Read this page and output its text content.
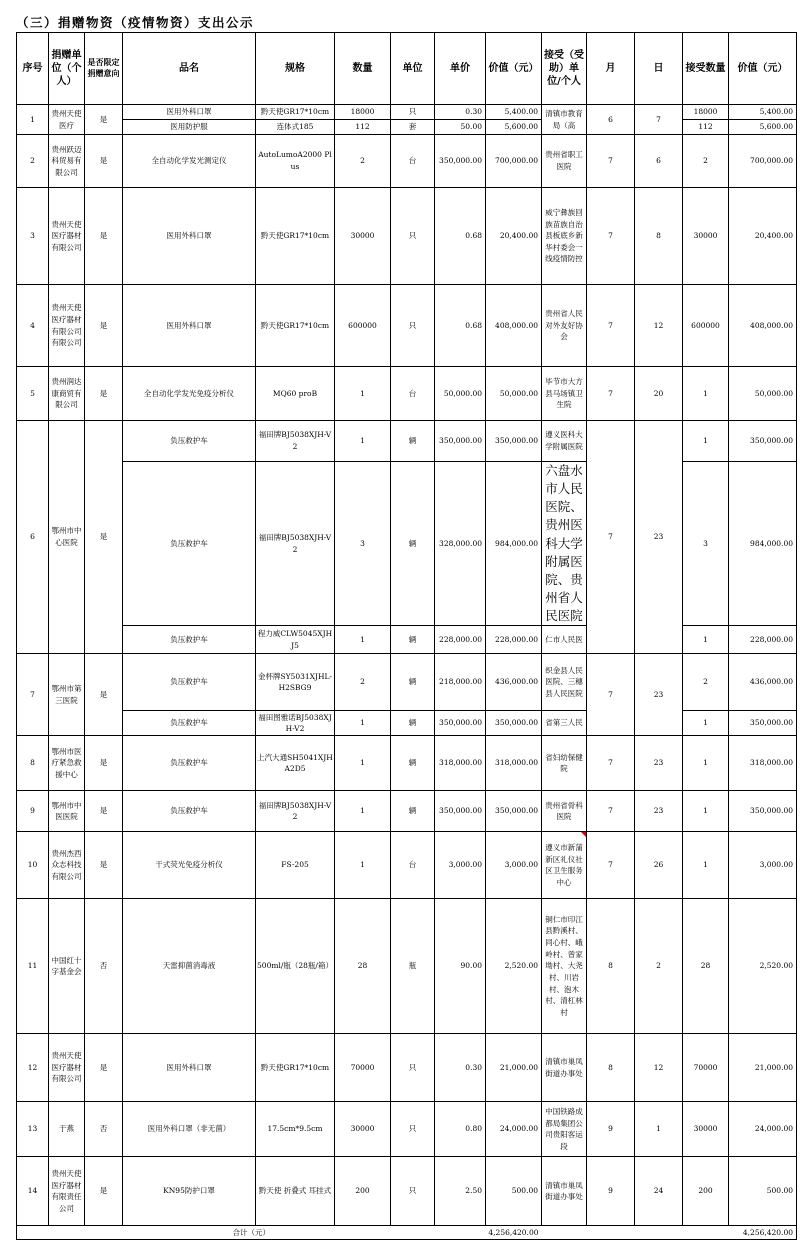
（三）捐赠物资（疫情物资）支出公示
序号	捐赠单位（个人）	是否限定捐赠意向	品名	规格	数量	单位	单价	价值（元）	接受（受助）单位/个人	月	日	接受数量	价值（元）
1	贵州天使医疗	是	医用外科口罩	黔天使GR17*10cm	18000	只	0.30	5,400.00	清镇市教育局（高	6	7	18000	5,400.00
			医用防护服	连体式185	112	套	50.00	5,600.00				112	5,600.00
2	贵州跃迈科贸易有限公司	是	全自动化学发光测定仪	AutoLumoA2000 Plus	2	台	350,000.00	700,000.00	贵州省职工医院	7	6	2	700,000.00
3	贵州天使医疗器材有限公司	是	医用外科口罩	黔天使GR17*10cm	30000	只	0.68	20,400.00	威宁彝族回族苗族自治县板底乡新华村委会一线疫情防控	7	8	30000	20,400.00
4	贵州天使医疗器材有限公司有限公司	是	医用外科口罩	黔天使GR17*10cm	600000	只	0.68	408,000.00	贵州省人民对外友好协会	7	12	600000	408,000.00
5	贵州润达康商贸有限公司	是	全自动化学发光免疫分析仪	MQ60 proB	1	台	50,000.00	50,000.00	毕节市大方县马场镇卫生院	7	20	1	50,000.00
6	鄂州市中心医院	是	负压救护车	福田牌BJ5038XJH-V2	1	辆	350,000.00	350,000.00	遵义医科大学附属医院	7	23	1	350,000.00
			负压救护车	福田牌BJ5038XJH-V2	3	辆	328,000.00	984,000.00	六盘水市人民医院、贵州医科大学附属医院、贵州省人民医院			3	984,000.00
			负压救护车	程力威CLW5045XJHJ5	1	辆	228,000.00	228,000.00	仁市人民医			1	228,000.00
7	鄂州市第三医院	是	负压救护车	金杯牌SY5031XJHL-H2SBG9	2	辆	218,000.00	436,000.00	织金县人民医院、三穗县人民医院	7	23	2	436,000.00
			负压救护车	福田图雅诺BJ5038XJH-V2	1	辆	350,000.00	350,000.00	省第三人民			1	350,000.00
8	鄂州市医疗紧急救援中心	是	负压救护车	上汽大通SH5041XJHA2D5	1	辆	318,000.00	318,000.00	省妇幼保健院	7	23	1	318,000.00
9	鄂州市中医医院	是	负压救护车	福田牌BJ5038XJH-V2	1	辆	350,000.00	350,000.00	贵州省骨科医院	7	23	1	350,000.00
10	贵州杰西众志科技有限公司	是	干式荧光免疫分析仪	FS-205	1	台	3,000.00	3,000.00	遵义市新蒲新区礼仪社区卫生服务中心	7	26	1	3,000.00
11	中国红十字基金会	否	天雷抑菌消毒液	500ml/瓶（28瓶/箱）	28	瓶	90.00	2,520.00	铜仁市印江县黔溪村、同心村、峨岭村、曾家坳村、大尧村、川岩村、泡木村、清杠林村	8	2	28	2,520.00
12	贵州天使医疗器材有限公司	是	医用外科口罩	黔天使GR17*10cm	70000	只	0.30	21,000.00	清镇市巢凤街道办事处	8	12	70000	21,000.00
13	于燕	否	医用外科口罩（非无菌）	17.5cm*9.5cm	30000	只	0.80	24,000.00	中国铁路成都局集团公司贵阳客运段	9	1	30000	24,000.00
14	贵州天使医疗器材有限责任公司	是	KN95防护口罩	黔天使 折叠式 耳挂式	200	只	2.50	500.00	清镇市巢凤街道办事处	9	24	200	500.00
合计（元）								4,256,420.00					4,256,420.00
